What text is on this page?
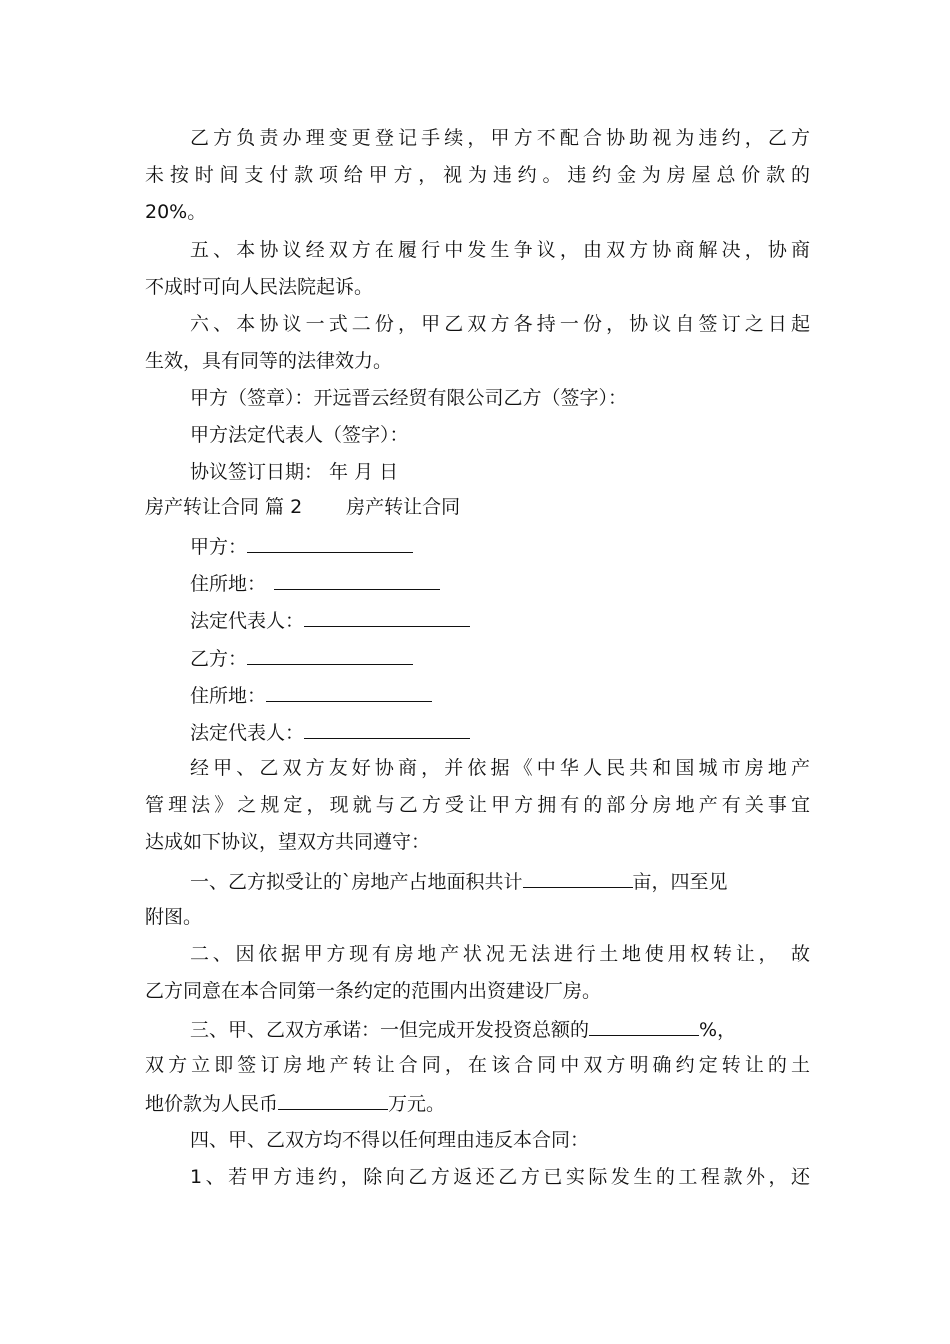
乙方负责办理变更登记手续，甲方不配合协助视为违约，乙方
未按时间支付款项给甲方，视为违约。违约金为房屋总价款的
20%。
五、本协议经双方在履行中发生争议，由双方协商解决，协商
不成时可向人民法院起诉。
六、本协议一式二份，甲乙双方各持一份，协议自签订之日起
生效，具有同等的法律效力。
甲方（签章）：开远晋云经贸有限公司乙方（签字）：
甲方法定代表人（签字）：
协议签订日期： 年 月 日
房产转让合同 篇 2 房产转让合同
甲方：
住所地：
法定代表人：
乙方：
住所地：
法定代表人：
经甲、乙双方友好协商，并依据《中华人民共和国城市房地产
管理法》之规定，现就与乙方受让甲方拥有的部分房地产有关事宜
达成如下协议，望双方共同遵守：
一、乙方拟受让的`房地产占地面积共计	亩，四至见
附图。
二、因依据甲方现有房地产状况无法进行土地使用权转让， 故
乙方同意在本合同第一条约定的范围内出资建设厂房。
三、甲、乙双方承诺：一但完成开发投资总额的	%，
双方立即签订房地产转让合同，在该合同中双方明确约定转让的土
地价款为人民币	万元。
四、甲、乙双方均不得以任何理由违反本合同：
1、若甲方违约，除向乙方返还乙方已实际发生的工程款外，还
